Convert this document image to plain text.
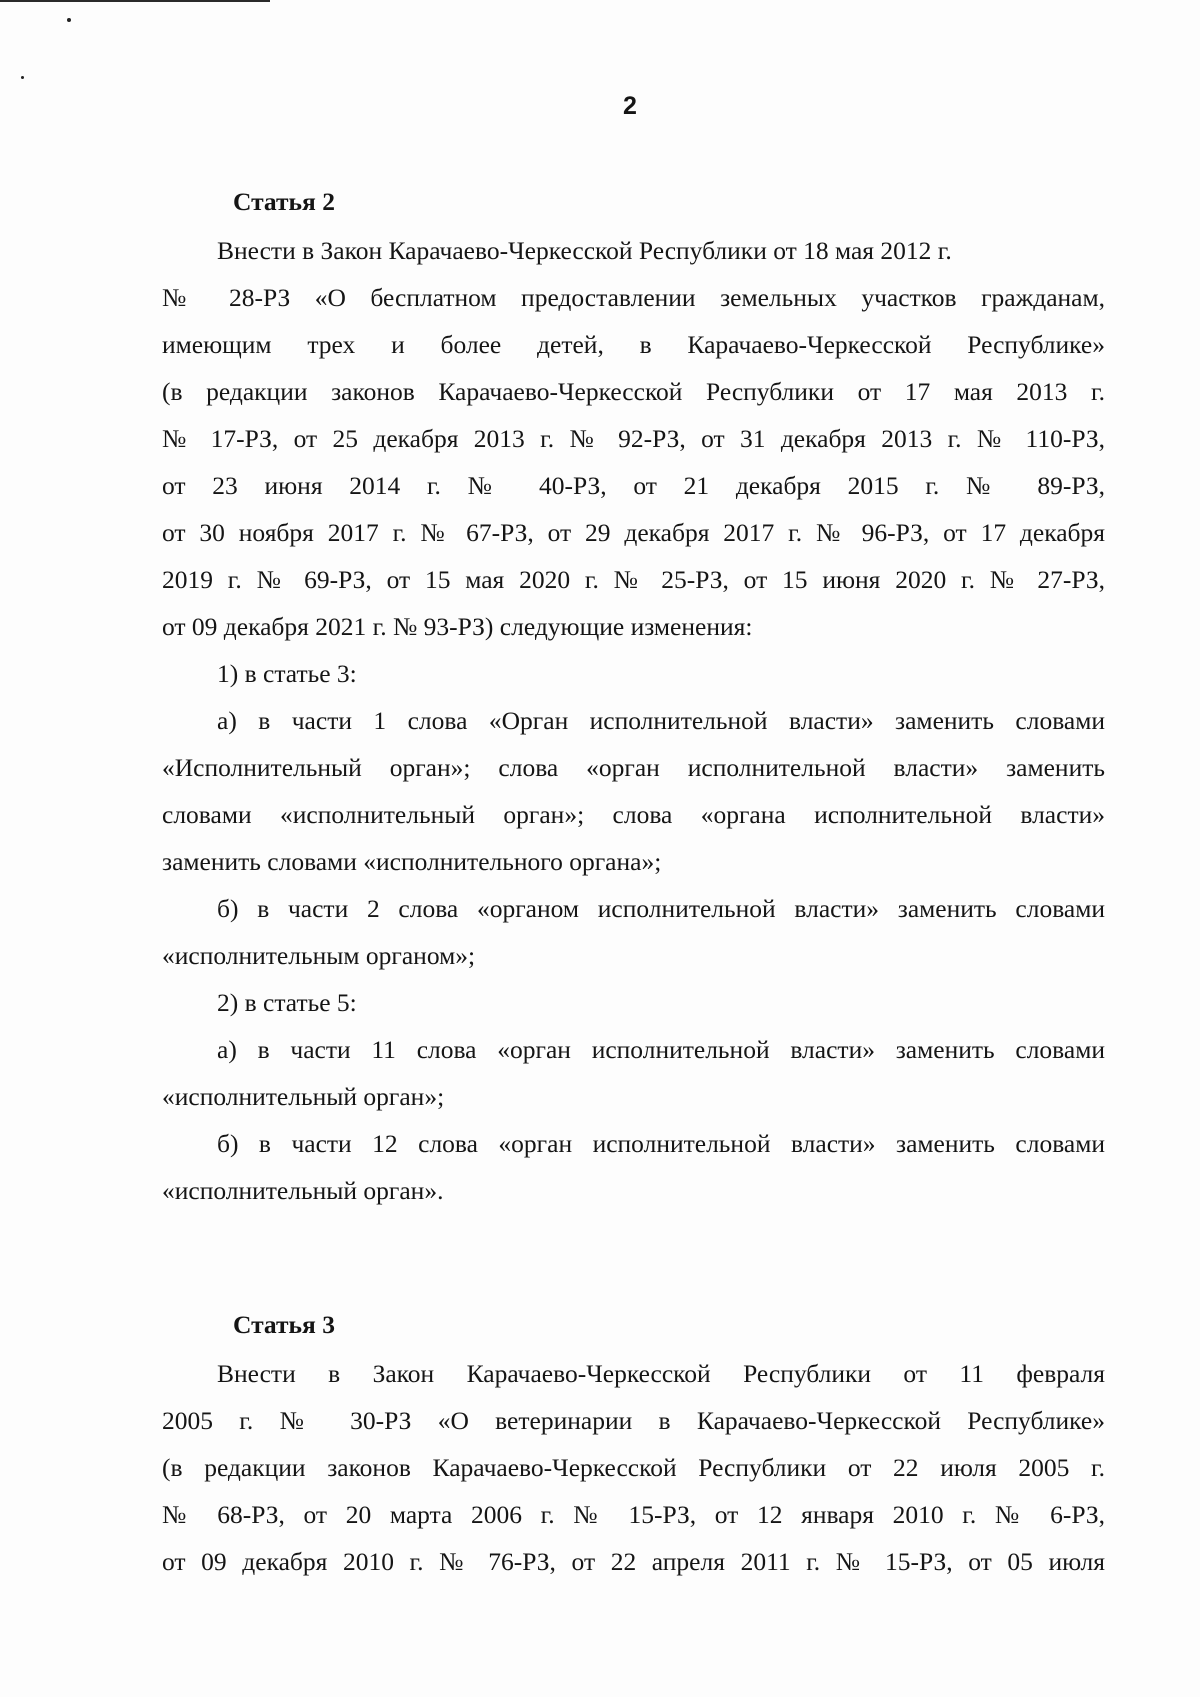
2
Статья 2
Внести в Закон Карачаево-Черкесской Республики от 18 мая 2012 г.
№ 28-РЗ «О бесплатном предоставлении земельных участков гражданам,
имеющим трех и более детей, в Карачаево-Черкесской Республике»
(в редакции законов Карачаево-Черкесской Республики от 17 мая 2013 г.
№ 17-РЗ, от 25 декабря 2013 г. № 92-РЗ, от 31 декабря 2013 г. № 110-РЗ,
от 23 июня 2014 г. № 40-РЗ, от 21 декабря 2015 г. № 89-РЗ,
от 30 ноября 2017 г. № 67-РЗ, от 29 декабря 2017 г. № 96-РЗ, от 17 декабря
2019 г. № 69-РЗ, от 15 мая 2020 г. № 25-РЗ, от 15 июня 2020 г. № 27-РЗ,
от 09 декабря 2021 г. № 93-РЗ) следующие изменения:
1) в статье 3:
а) в части 1 слова «Орган исполнительной власти» заменить словами
«Исполнительный орган»; слова «орган исполнительной власти» заменить
словами «исполнительный орган»; слова «органа исполнительной власти»
заменить словами «исполнительного органа»;
б) в части 2 слова «органом исполнительной власти» заменить словами
«исполнительным органом»;
2) в статье 5:
а) в части 11 слова «орган исполнительной власти» заменить словами
«исполнительный орган»;
б) в части 12 слова «орган исполнительной власти» заменить словами
«исполнительный орган».
Статья 3
Внести в Закон Карачаево-Черкесской Республики от 11 февраля
2005 г. № 30-РЗ «О ветеринарии в Карачаево-Черкесской Республике»
(в редакции законов Карачаево-Черкесской Республики от 22 июля 2005 г.
№ 68-РЗ, от 20 марта 2006 г. № 15-РЗ, от 12 января 2010 г. № 6-РЗ,
от 09 декабря 2010 г. № 76-РЗ, от 22 апреля 2011 г. № 15-РЗ, от 05 июля
